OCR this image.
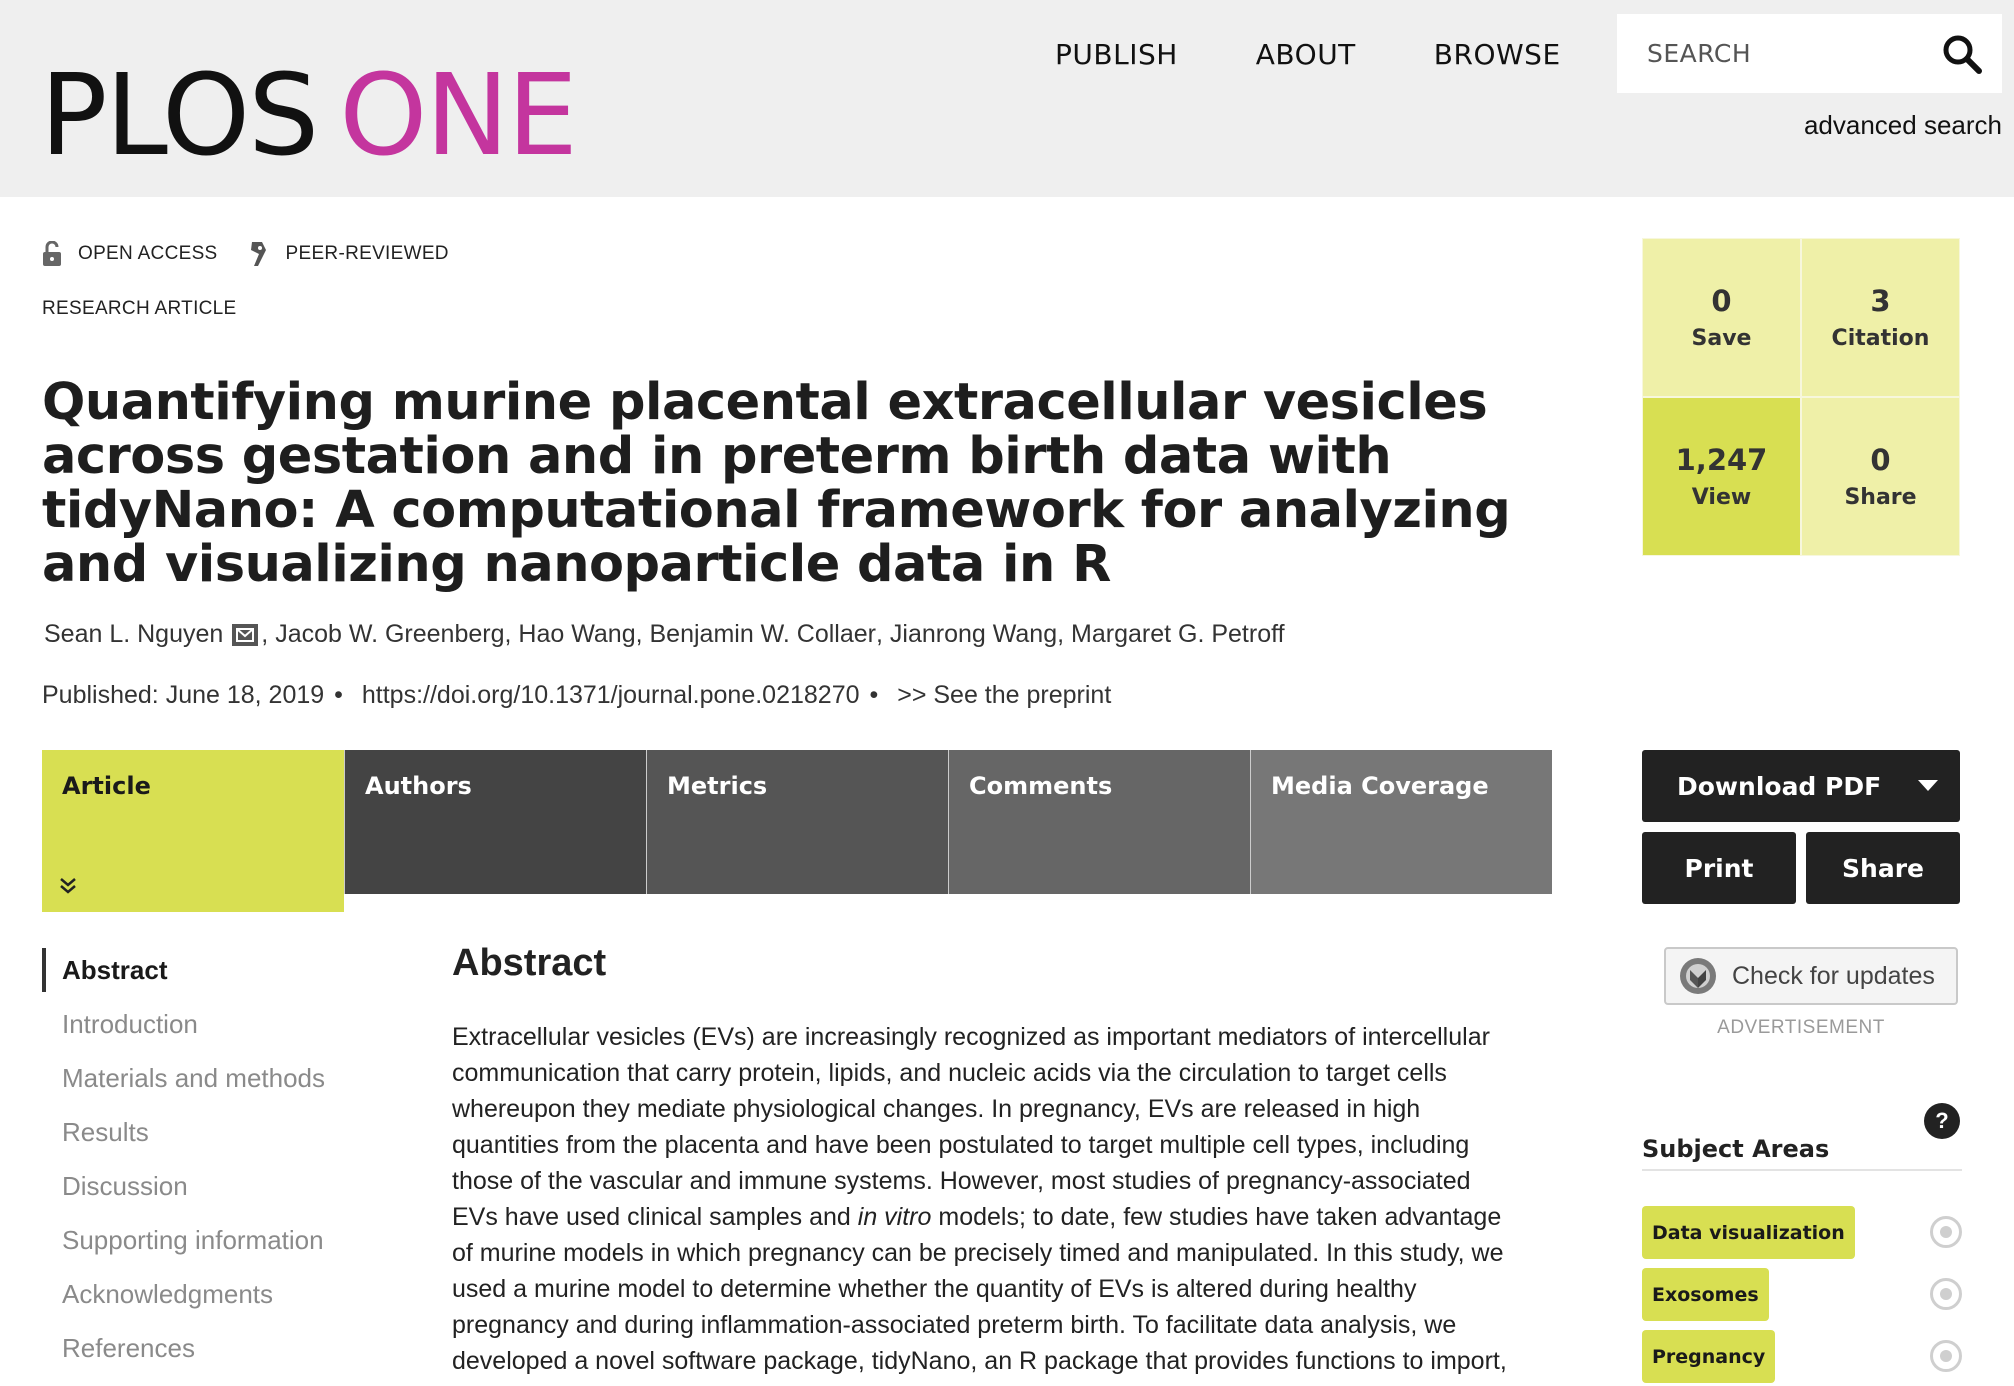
PLOS ONE	PUBLISH	ABOUT	BROWSE
SEARCH
advanced search
OPEN ACCESS	PEER-REVIEWED
RESEARCH ARTICLE
Quantifying murine placental extracellular vesicles across gestation and in preterm birth data with tidyNano: A computational framework for analyzing and visualizing nanoparticle data in R
Sean L. Nguyen , Jacob W. Greenberg , Hao Wang , Benjamin W. Collaer , Jianrong Wang , Margaret G. Petroff
Published: June 18, 2019 • https://doi.org/10.1371/journal.pone.0218270 • >> See the preprint
0
Save
3
Citation
1,247
View
0
Share
Article	Authors	Metrics	Comments	Media Coverage	Download PDF
Print	Share
Check for updates
ADVERTISEMENT
?
Subject Areas
Data visualization
Exosomes
Pregnancy
Abstract
Introduction
Materials and methods
Results
Discussion
Supporting information
Acknowledgments
References
Abstract
Extracellular vesicles (EVs) are increasingly recognized as important mediators of intercellular
communication that carry protein, lipids, and nucleic acids via the circulation to target cells
whereupon they mediate physiological changes. In pregnancy, EVs are released in high
quantities from the placenta and have been postulated to target multiple cell types, including
those of the vascular and immune systems. However, most studies of pregnancy-associated
EVs have used clinical samples and in vitro models; to date, few studies have taken advantage
of murine models in which pregnancy can be precisely timed and manipulated. In this study, we
used a murine model to determine whether the quantity of EVs is altered during healthy
pregnancy and during inflammation-associated preterm birth. To facilitate data analysis, we
developed a novel software package, tidyNano, an R package that provides functions to import,
